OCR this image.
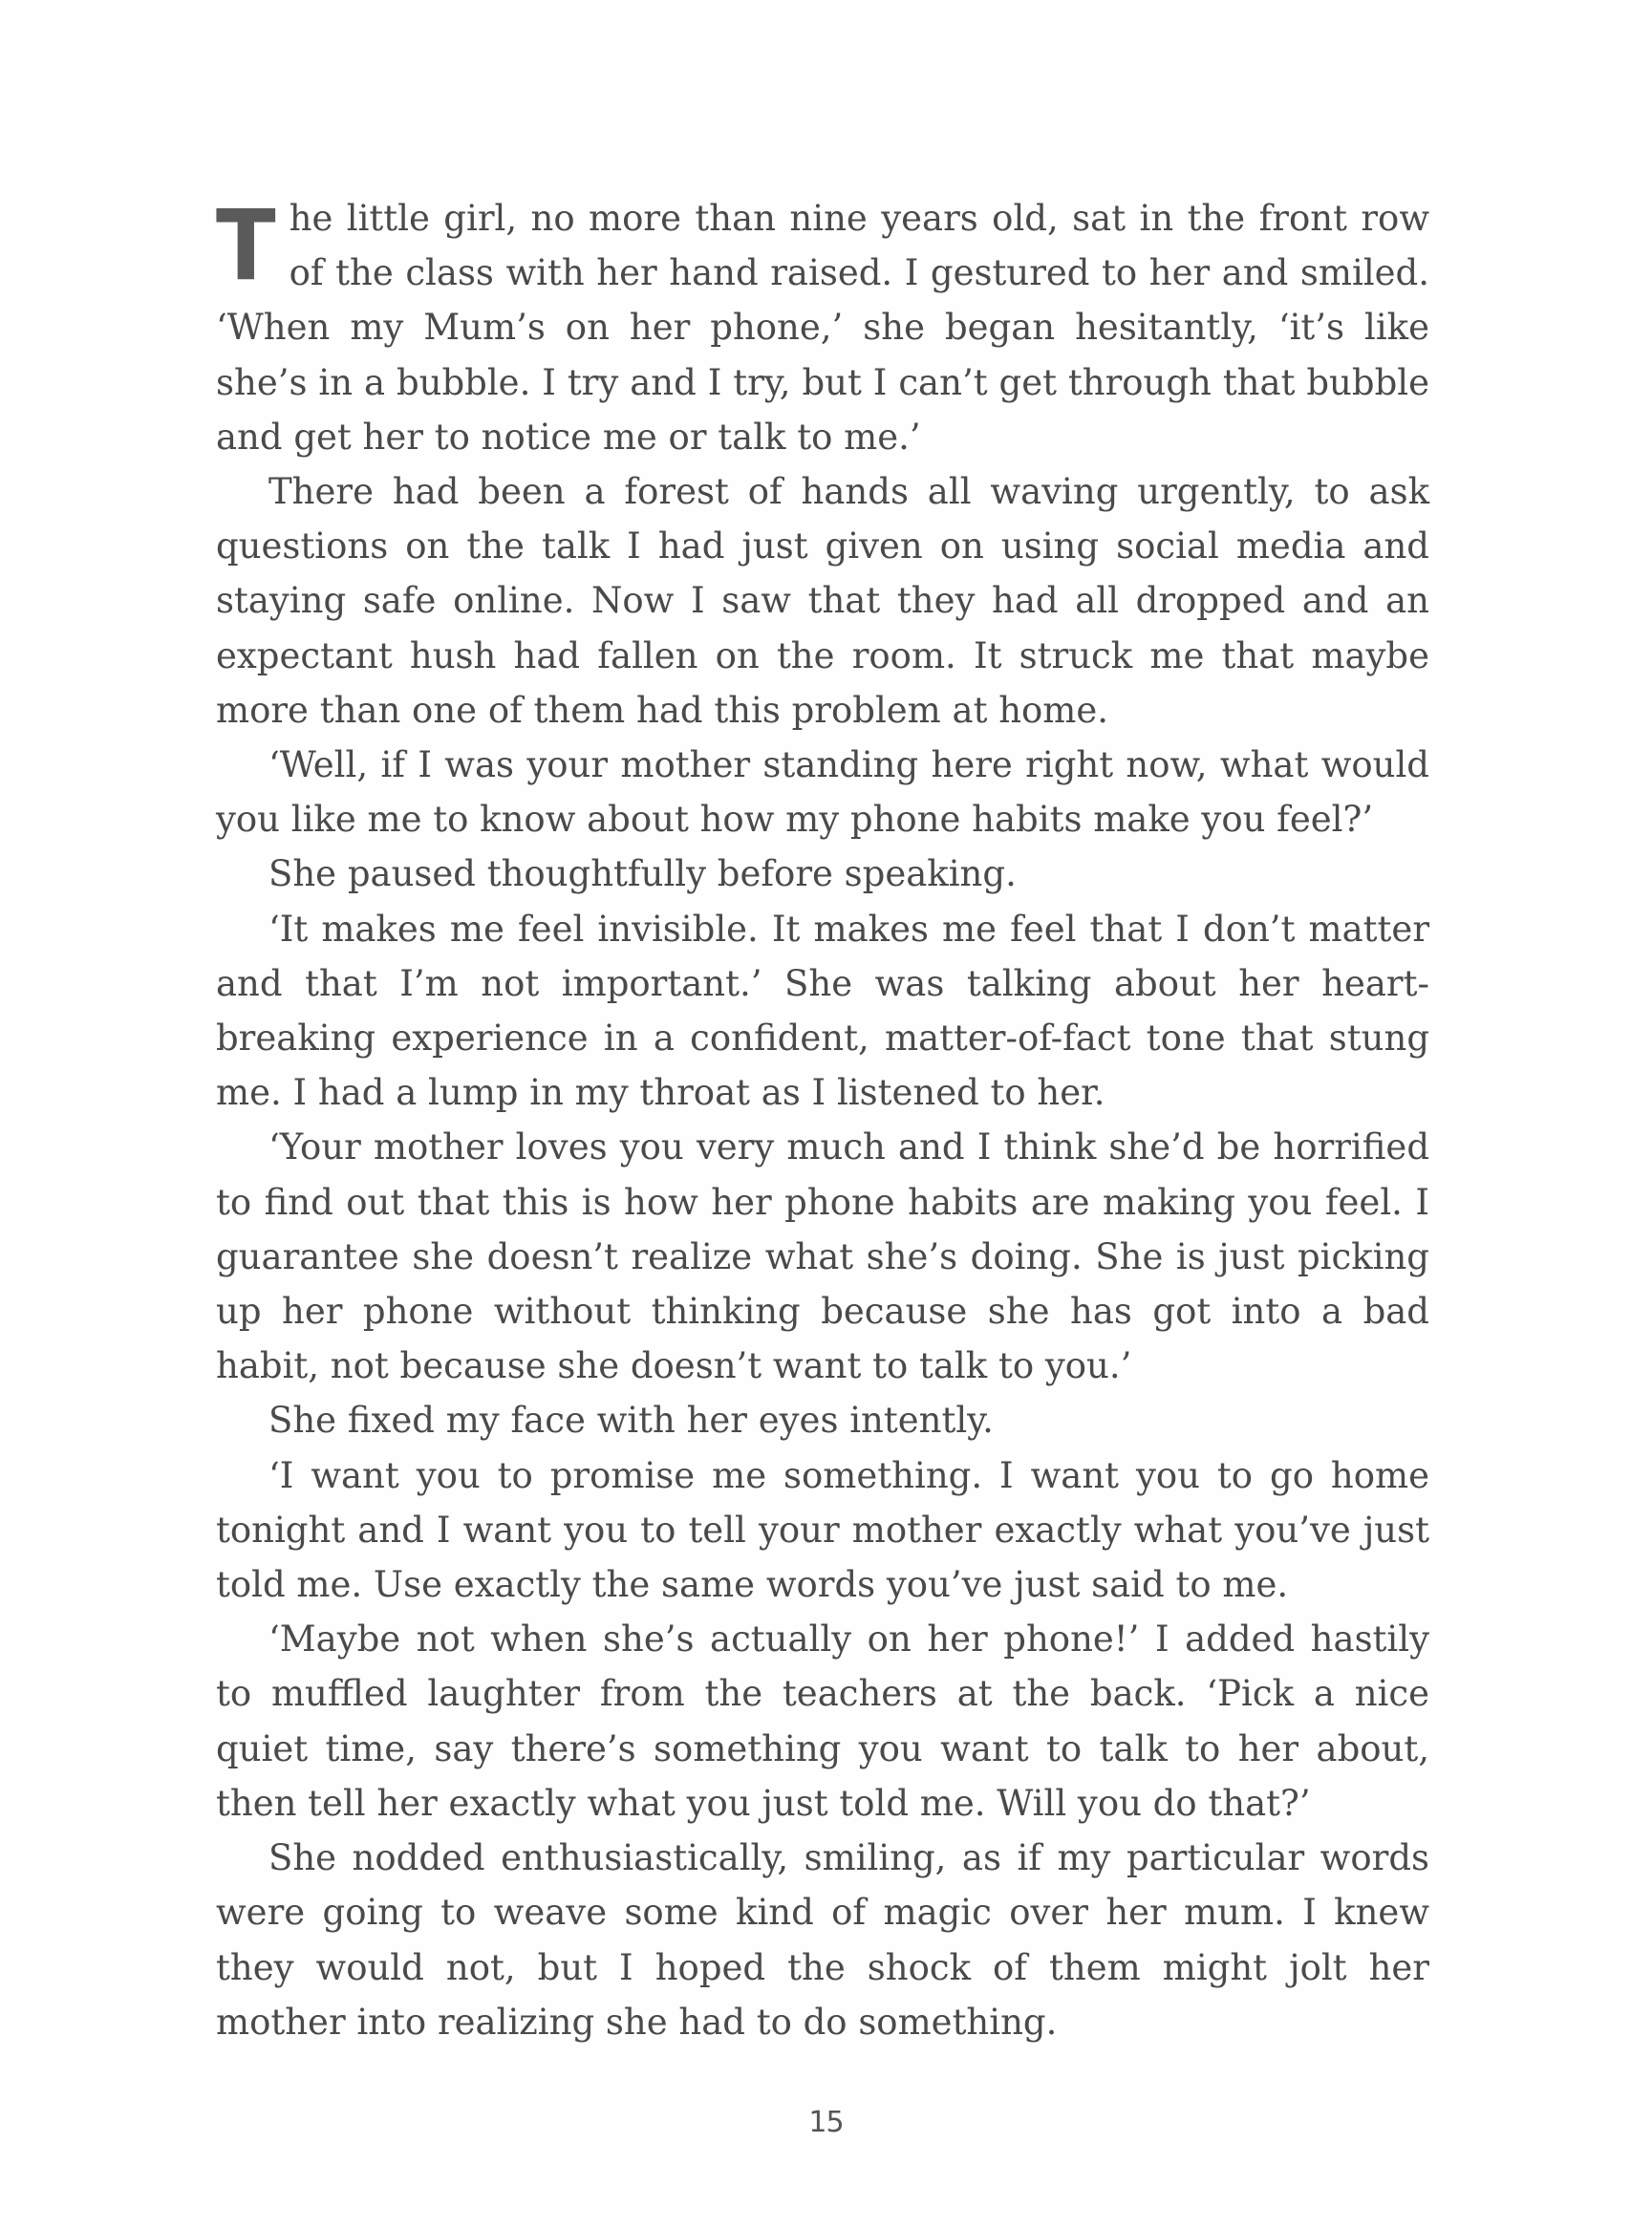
The little girl, no more than nine years old, sat in the front row of the class with her hand raised. I gestured to her and smiled. ‘When my Mum’s on her phone,’ she began hesitantly, ‘it’s like she’s in a bubble. I try and I try, but I can’t get through that bubble and get her to notice me or talk to me.’

There had been a forest of hands all waving urgently, to ask questions on the talk I had just given on using social media and staying safe online. Now I saw that they had all dropped and an expectant hush had fallen on the room. It struck me that maybe more than one of them had this problem at home.

‘Well, if I was your mother standing here right now, what would you like me to know about how my phone habits make you feel?’

She paused thoughtfully before speaking.

‘It makes me feel invisible. It makes me feel that I don’t matter and that I’m not important.’ She was talking about her heart-breaking experience in a confident, matter-of-fact tone that stung me. I had a lump in my throat as I listened to her.

‘Your mother loves you very much and I think she’d be horrified to find out that this is how her phone habits are making you feel. I guarantee she doesn’t realize what she’s doing. She is just picking up her phone without thinking because she has got into a bad habit, not because she doesn’t want to talk to you.’

She fixed my face with her eyes intently.

‘I want you to promise me something. I want you to go home tonight and I want you to tell your mother exactly what you’ve just told me. Use exactly the same words you’ve just said to me.

‘Maybe not when she’s actually on her phone!’ I added hastily to muffled laughter from the teachers at the back. ‘Pick a nice quiet time, say there’s something you want to talk to her about, then tell her exactly what you just told me. Will you do that?’

She nodded enthusiastically, smiling, as if my particular words were going to weave some kind of magic over her mum. I knew they would not, but I hoped the shock of them might jolt her mother into realizing she had to do something.

15
